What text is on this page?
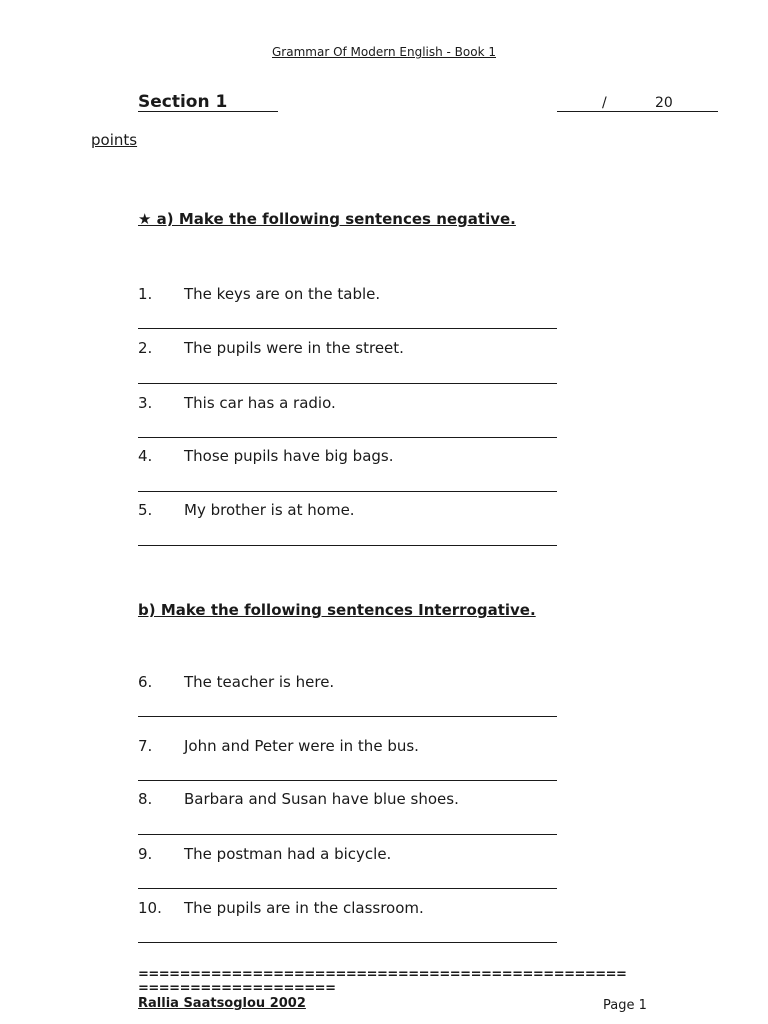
Grammar Of Modern English - Book 1
Section 1	/	20
points
★ a) Make the following sentences negative.
1. The keys are on the table.
2. The pupils were in the street.
3. This car has a radio.
4. Those pupils have big bags.
5. My brother is at home.
b) Make the following sentences Interrogative.
6. The teacher is here.
7. John and Peter were in the bus.
8. Barbara and Susan have blue shoes.
9. The postman had a bicycle.
10. The pupils are in the classroom.
===============================================
===================
Rallia Saatsoglou 2002	Page 1
